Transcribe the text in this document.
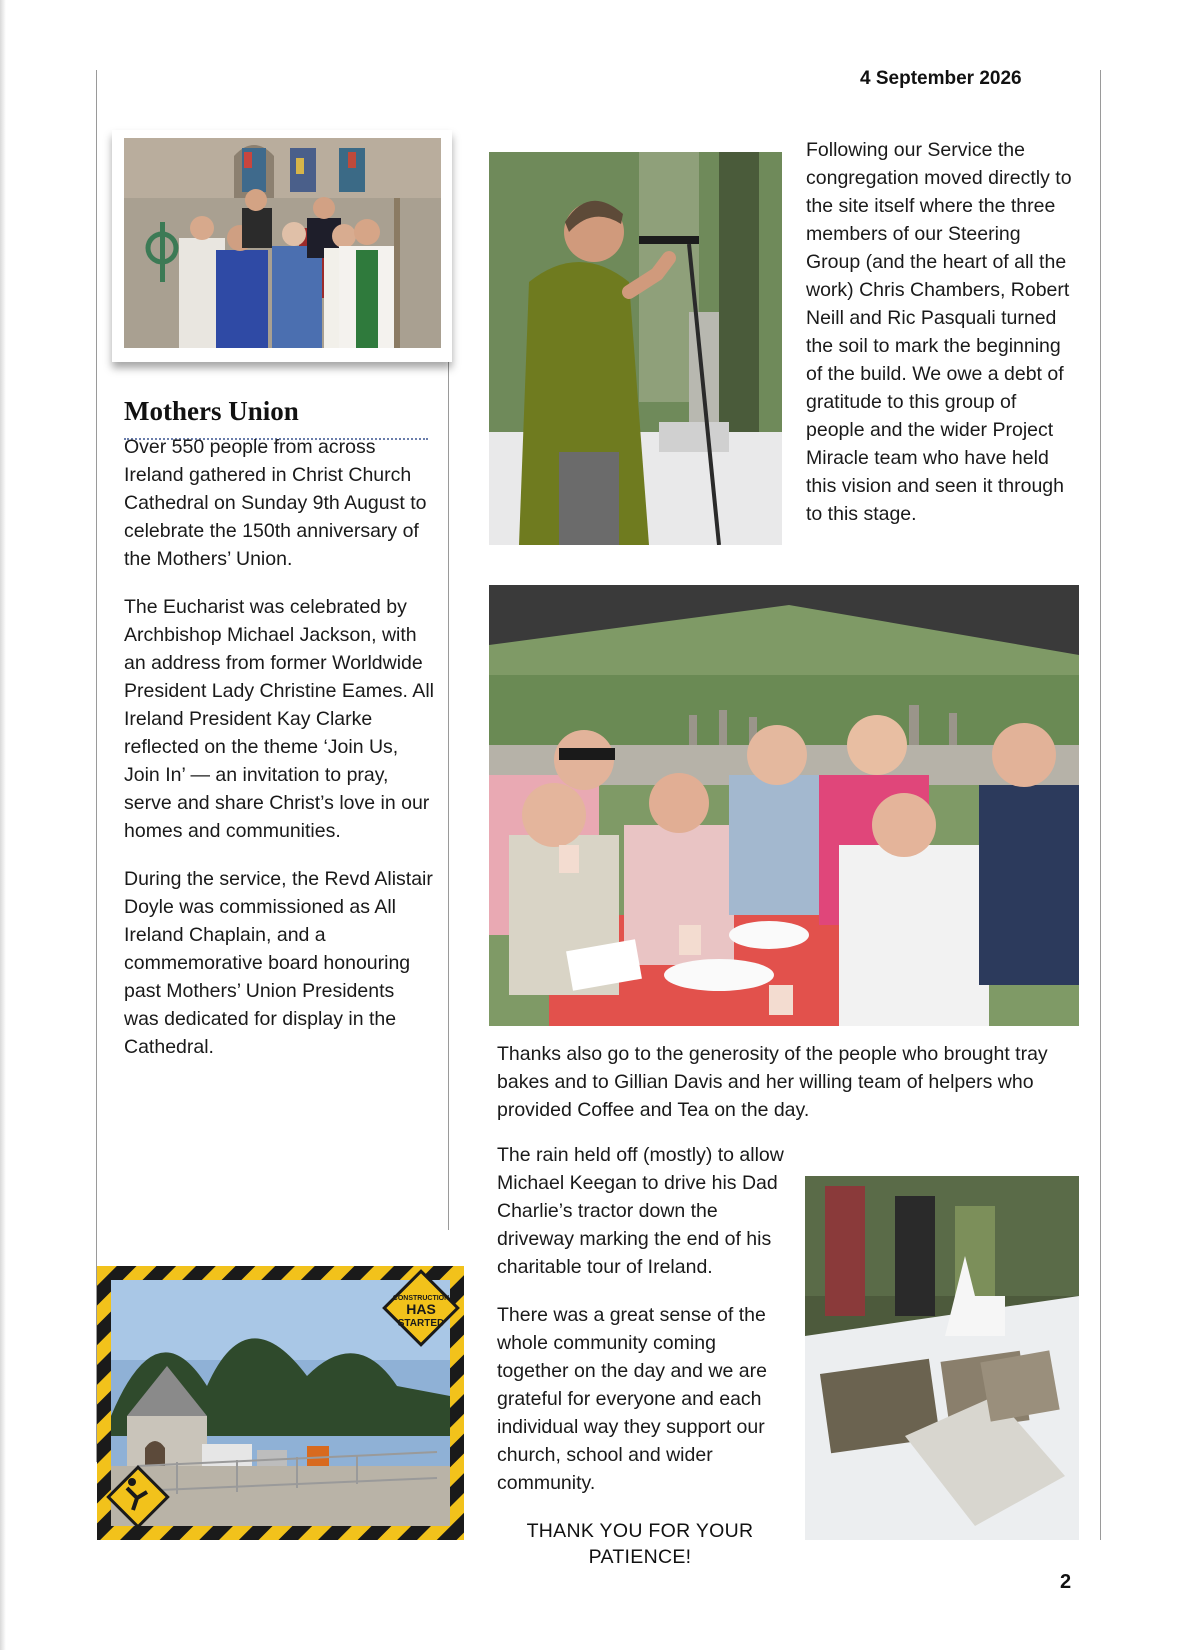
4 September 2026
Mothers Union

Over 550 people from across Ireland gathered in Christ Church Cathedral on Sunday 9th August to celebrate the 150th anniversary of the Mothers’ Union.

The Eucharist was celebrated by Archbishop Michael Jackson, with an address from former Worldwide President Lady Christine Eames. All Ireland President Kay Clarke reflected on the theme ‘Join Us, Join In’ — an invitation to pray, serve and share Christ’s love in our homes and communities.

During the service, the Revd Alistair Doyle was commissioned as All Ireland Chaplain, and a commemorative board honouring past Mothers’ Union Presidents was dedicated for display in the Cathedral.

CONSTRUCTION
HAS
STARTED

Following our Service the congregation moved directly to the site itself where the three members of our Steering Group (and the heart of all the work) Chris Chambers, Robert Neill and Ric Pasquali turned the soil to mark the beginning of the build. We owe a debt of gratitude to this group of people and the wider Project Miracle team who have held this vision and seen it through to this stage.

Thanks also go to the generosity of the people who brought tray bakes and to Gillian Davis and her willing team of helpers who provided Coffee and Tea on the day.

The rain held off (mostly) to allow Michael Keegan to drive his Dad Charlie’s tractor down the driveway marking the end of his charitable tour of Ireland.

There was a great sense of the whole community coming together on the day and we are grateful for everyone and each individual way they support our church, school and wider community.

THANK YOU FOR YOUR PATIENCE!
2
